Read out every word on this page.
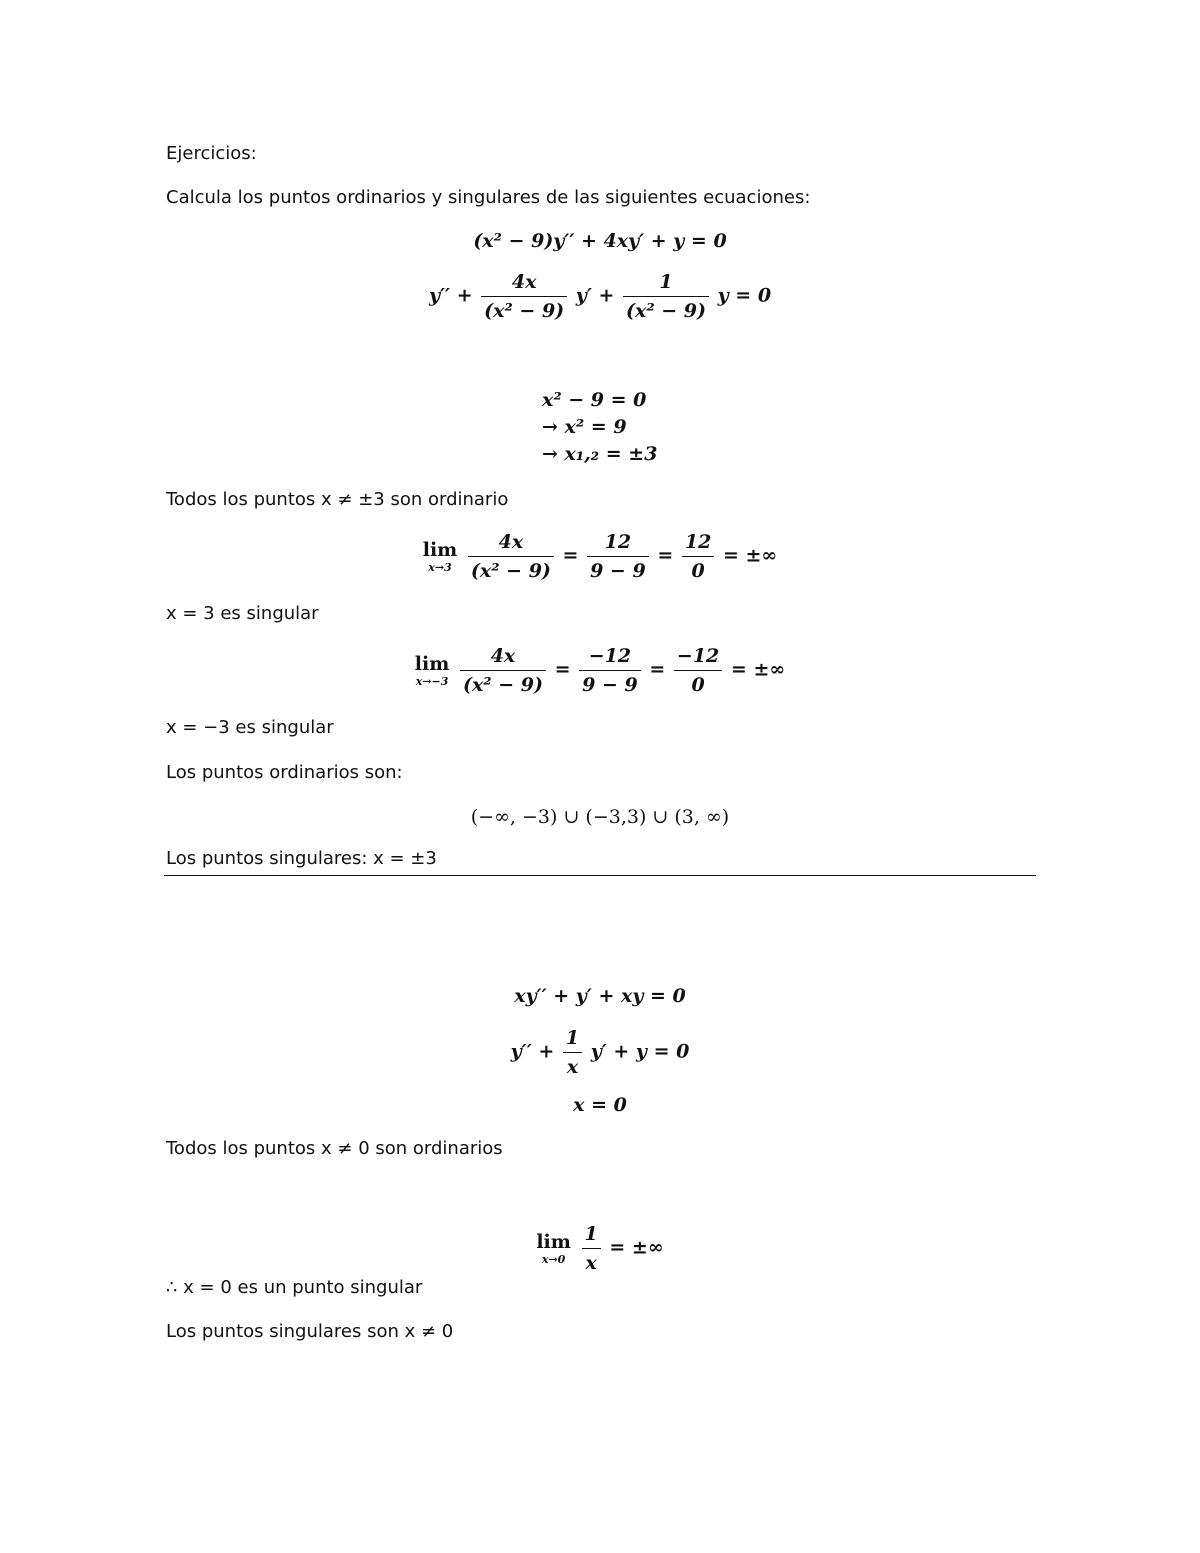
Ejercicios:
Calcula los puntos ordinarios y singulares de las siguientes ecuaciones:
(x² − 9)y′′ + 4xy′ + y = 0
$y'' + \frac{4x}{\text{(x² − 9)}} y' + \frac{1}{\text{(x² − 9)}}$ y = 0
x² − 9 = 0
→ x² = 9
→ x₁,₂ = ±3
Todos los puntos x ≠ ±3 son ordinario
lim
x→3
$\frac{4x}{\text{(x² − 9)}} = \frac{12}{9 - 9} = \frac{12}{0}$ = ±∞
x = 3 es singular
lim
x→−3
$\frac{4x}{\text{(x² − 9)}} = \frac{-12}{9 - 9} = \frac{-12}{0}$ = ±∞
x = −3 es singular
Los puntos ordinarios son:
(−∞, −3) ∪ (−3,3) ∪ (3, ∞)
Los puntos singulares: x = ±3
xy′′ + y′ + xy = 0
$y'' + \frac{1}{x} y' + y = 0$
x = 0
Todos los puntos x ≠ 0 son ordinarios
lim
x→0
$\frac{1}{x}$ = ±∞
∴ x = 0 es un punto singular
Los puntos singulares son x ≠ 0
